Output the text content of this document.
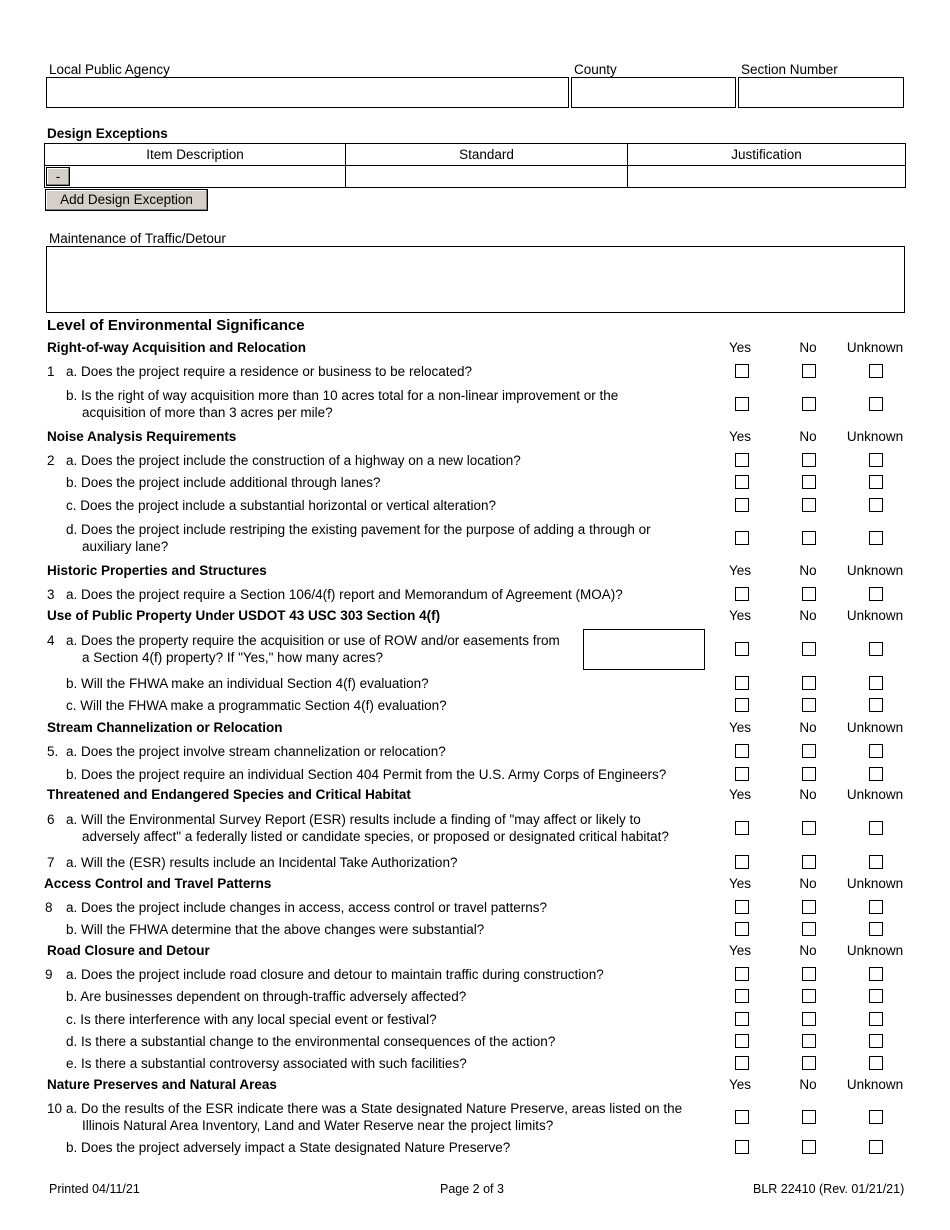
Local Public Agency	County	Section Number
Design Exceptions
Item Description	Standard	Justification

-		

Add Design Exception
Maintenance of Traffic/Detour
Level of Environmental Significance
Right-of-way Acquisition and Relocation	Yes	No	Unknown
1 a. Does the project require a residence or business to be relocated?
b. Is the right of way acquisition more than 10 acres total for a non-linear improvement or the
acquisition of more than 3 acres per mile?
Noise Analysis Requirements	Yes	No	Unknown
2 a. Does the project include the construction of a highway on a new location?
b. Does the project include additional through lanes?
c. Does the project include a substantial horizontal or vertical alteration?
d. Does the project include restriping the existing pavement for the purpose of adding a through or
auxiliary lane?
Historic Properties and Structures	Yes	No	Unknown
3 a. Does the project require a Section 106/4(f) report and Memorandum of Agreement (MOA)?
Use of Public Property Under USDOT 43 USC 303 Section 4(f)	Yes	No	Unknown
4 a. Does the property require the acquisition or use of ROW and/or easements from
a Section 4(f) property? If "Yes," how many acres?
b. Will the FHWA make an individual Section 4(f) evaluation?
c. Will the FHWA make a programmatic Section 4(f) evaluation?
Stream Channelization or Relocation	Yes	No	Unknown
5. a. Does the project involve stream channelization or relocation?
b. Does the project require an individual Section 404 Permit from the U.S. Army Corps of Engineers?
Threatened and Endangered Species and Critical Habitat	Yes	No	Unknown
6 a. Will the Environmental Survey Report (ESR) results include a finding of "may affect or likely to
adversely affect" a federally listed or candidate species, or proposed or designated critical habitat?
7 a. Will the (ESR) results include an Incidental Take Authorization?
Access Control and Travel Patterns	Yes	No	Unknown
8 a. Does the project include changes in access, access control or travel patterns?
b. Will the FHWA determine that the above changes were substantial?
Road Closure and Detour	Yes	No	Unknown
9 a. Does the project include road closure and detour to maintain traffic during construction?
b. Are businesses dependent on through-traffic adversely affected?
c. Is there interference with any local special event or festival?
d. Is there a substantial change to the environmental consequences of the action?
e. Is there a substantial controversy associated with such facilities?
Nature Preserves and Natural Areas	Yes	No	Unknown
10 a. Do the results of the ESR indicate there was a State designated Nature Preserve, areas listed on the
Illinois Natural Area Inventory, Land and Water Reserve near the project limits?
b. Does the project adversely impact a State designated Nature Preserve?
Printed 04/11/21	Page 2 of 3	BLR 22410 (Rev. 01/21/21)
